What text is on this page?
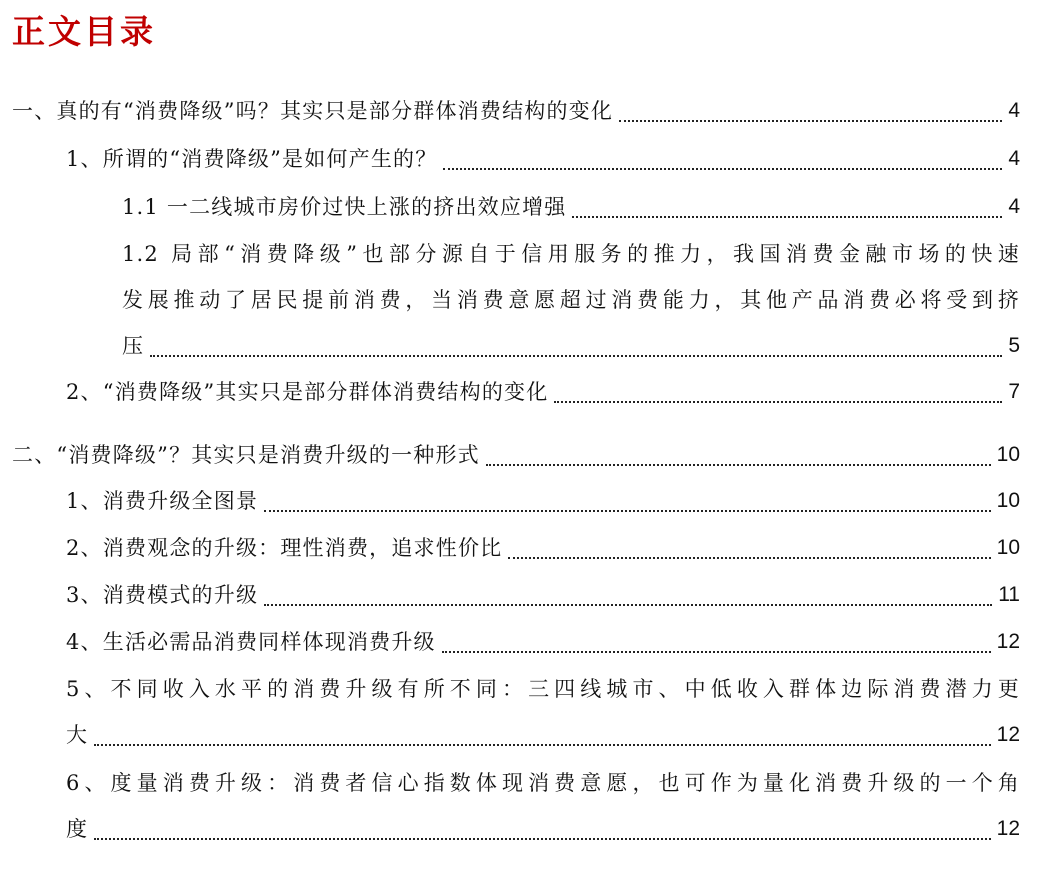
正文目录
一、真的有“消费降级”吗？其实只是部分群体消费结构的变化	4
1、所谓的“消费降级”是如何产生的？	4
1.1 一二线城市房价过快上涨的挤出效应增强	4
1.2 局部“消费降级”也部分源自于信用服务的推力，我国消费金融市场的快速
发展推动了居民提前消费，当消费意愿超过消费能力，其他产品消费必将受到挤
压	5
2、“消费降级”其实只是部分群体消费结构的变化	7
二、“消费降级”？其实只是消费升级的一种形式	10
1、消费升级全图景	10
2、消费观念的升级：理性消费，追求性价比	10
3、消费模式的升级	11
4、生活必需品消费同样体现消费升级	12
5、不同收入水平的消费升级有所不同：三四线城市、中低收入群体边际消费潜力更
大	12
6、度量消费升级：消费者信心指数体现消费意愿，也可作为量化消费升级的一个角
度	12
